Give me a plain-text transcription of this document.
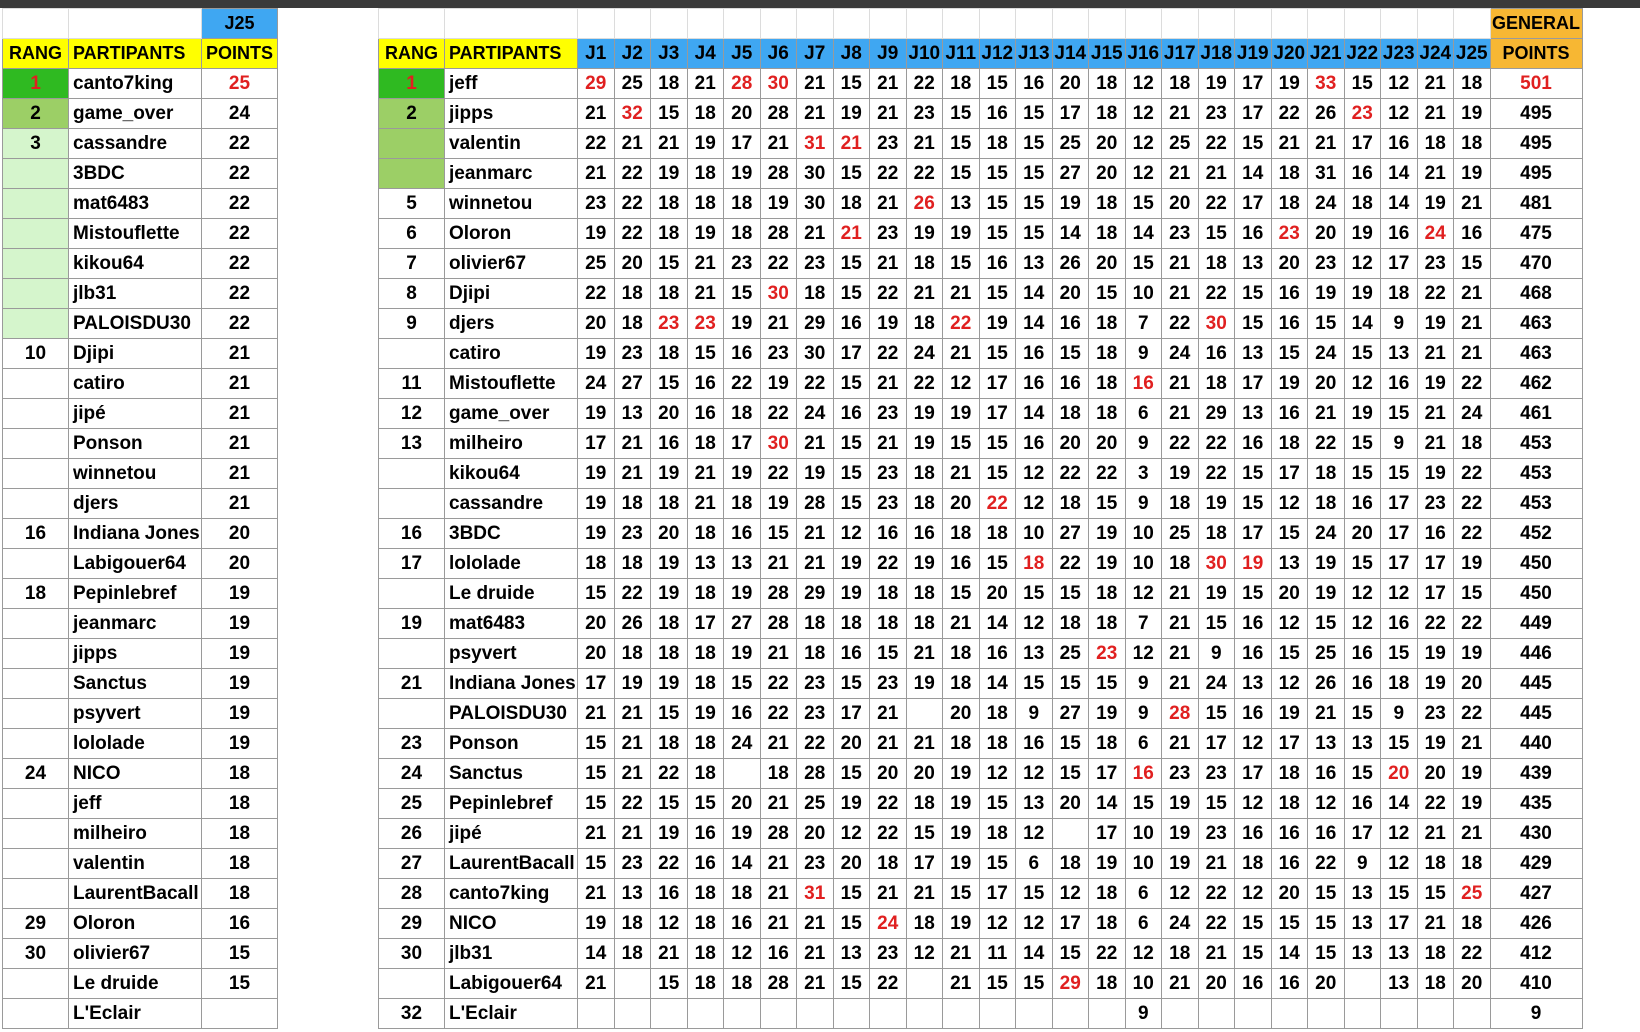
		J25
RANG	PARTIPANTS	POINTS
1	canto7king	25
2	game_over	24
3	cassandre	22
	3BDC	22
	mat6483	22
	Mistouflette	22
	kikou64	22
	jlb31	22
	PALOISDU30	22
10	Djipi	21
	catiro	21
	jipé	21
	Ponson	21
	winnetou	21
	djers	21
16	Indiana Jones	20
	Labigouer64	20
18	Pepinlebref	19
	jeanmarc	19
	jipps	19
	Sanctus	19
	psyvert	19
	lololade	19
24	NICO	18
	jeff	18
	milheiro	18
	valentin	18
	LaurentBacall	18
29	Oloron	16
30	olivier67	15
	Le druide	15
	L'Eclair	
																											GENERAL
RANG	PARTIPANTS	J1	J2	J3	J4	J5	J6	J7	J8	J9	J10	J11	J12	J13	J14	J15	J16	J17	J18	J19	J20	J21	J22	J23	J24	J25	POINTS
1	jeff	29	25	18	21	28	30	21	15	21	22	18	15	16	20	18	12	18	19	17	19	33	15	12	21	18	501
2	jipps	21	32	15	18	20	28	21	19	21	23	15	16	15	17	18	12	21	23	17	22	26	23	12	21	19	495
	valentin	22	21	21	19	17	21	31	21	23	21	15	18	15	25	20	12	25	22	15	21	21	17	16	18	18	495
	jeanmarc	21	22	19	18	19	28	30	15	22	22	15	15	15	27	20	12	21	21	14	18	31	16	14	21	19	495
5	winnetou	23	22	18	18	18	19	30	18	21	26	13	15	15	19	18	15	20	22	17	18	24	18	14	19	21	481
6	Oloron	19	22	18	19	18	28	21	21	23	19	19	15	15	14	18	14	23	15	16	23	20	19	16	24	16	475
7	olivier67	25	20	15	21	23	22	23	15	21	18	15	16	13	26	20	15	21	18	13	20	23	12	17	23	15	470
8	Djipi	22	18	18	21	15	30	18	15	22	21	21	15	14	20	15	10	21	22	15	16	19	19	18	22	21	468
9	djers	20	18	23	23	19	21	29	16	19	18	22	19	14	16	18	7	22	30	15	16	15	14	9	19	21	463
	catiro	19	23	18	15	16	23	30	17	22	24	21	15	16	15	18	9	24	16	13	15	24	15	13	21	21	463
11	Mistouflette	24	27	15	16	22	19	22	15	21	22	12	17	16	16	18	16	21	18	17	19	20	12	16	19	22	462
12	game_over	19	13	20	16	18	22	24	16	23	19	19	17	14	18	18	6	21	29	13	16	21	19	15	21	24	461
13	milheiro	17	21	16	18	17	30	21	15	21	19	15	15	16	20	20	9	22	22	16	18	22	15	9	21	18	453
	kikou64	19	21	19	21	19	22	19	15	23	18	21	15	12	22	22	3	19	22	15	17	18	15	15	19	22	453
	cassandre	19	18	18	21	18	19	28	15	23	18	20	22	12	18	15	9	18	19	15	12	18	16	17	23	22	453
16	3BDC	19	23	20	18	16	15	21	12	16	16	18	18	10	27	19	10	25	18	17	15	24	20	17	16	22	452
17	lololade	18	18	19	13	13	21	21	19	22	19	16	15	18	22	19	10	18	30	19	13	19	15	17	17	19	450
	Le druide	15	22	19	18	19	28	29	19	18	18	15	20	15	15	18	12	21	19	15	20	19	12	12	17	15	450
19	mat6483	20	26	18	17	27	28	18	18	18	18	21	14	12	18	18	7	21	15	16	12	15	12	16	22	22	449
	psyvert	20	18	18	18	19	21	18	16	15	21	18	16	13	25	23	12	21	9	16	15	25	16	15	19	19	446
21	Indiana Jones	17	19	19	18	15	22	23	15	23	19	18	14	15	15	15	9	21	24	13	12	26	16	18	19	20	445
	PALOISDU30	21	21	15	19	16	22	23	17	21		20	18	9	27	19	9	28	15	16	19	21	15	9	23	22	445
23	Ponson	15	21	18	18	24	21	22	20	21	21	18	18	16	15	18	6	21	17	12	17	13	13	15	19	21	440
24	Sanctus	15	21	22	18		18	28	15	20	20	19	12	12	15	17	16	23	23	17	18	16	15	20	20	19	439
25	Pepinlebref	15	22	15	15	20	21	25	19	22	18	19	15	13	20	14	15	19	15	12	18	12	16	14	22	19	435
26	jipé	21	21	19	16	19	28	20	12	22	15	19	18	12		17	10	19	23	16	16	16	17	12	21	21	430
27	LaurentBacall	15	23	22	16	14	21	23	20	18	17	19	15	6	18	19	10	19	21	18	16	22	9	12	18	18	429
28	canto7king	21	13	16	18	18	21	31	15	21	21	15	17	15	12	18	6	12	22	12	20	15	13	15	15	25	427
29	NICO	19	18	12	18	16	21	21	15	24	18	19	12	12	17	18	6	24	22	15	15	15	13	17	21	18	426
30	jlb31	14	18	21	18	12	16	21	13	23	12	21	11	14	15	22	12	18	21	15	14	15	13	13	18	22	412
	Labigouer64	21		15	18	18	28	21	15	22		21	15	15	29	18	10	21	20	16	16	20		13	18	20	410
32	L'Eclair																9										9
